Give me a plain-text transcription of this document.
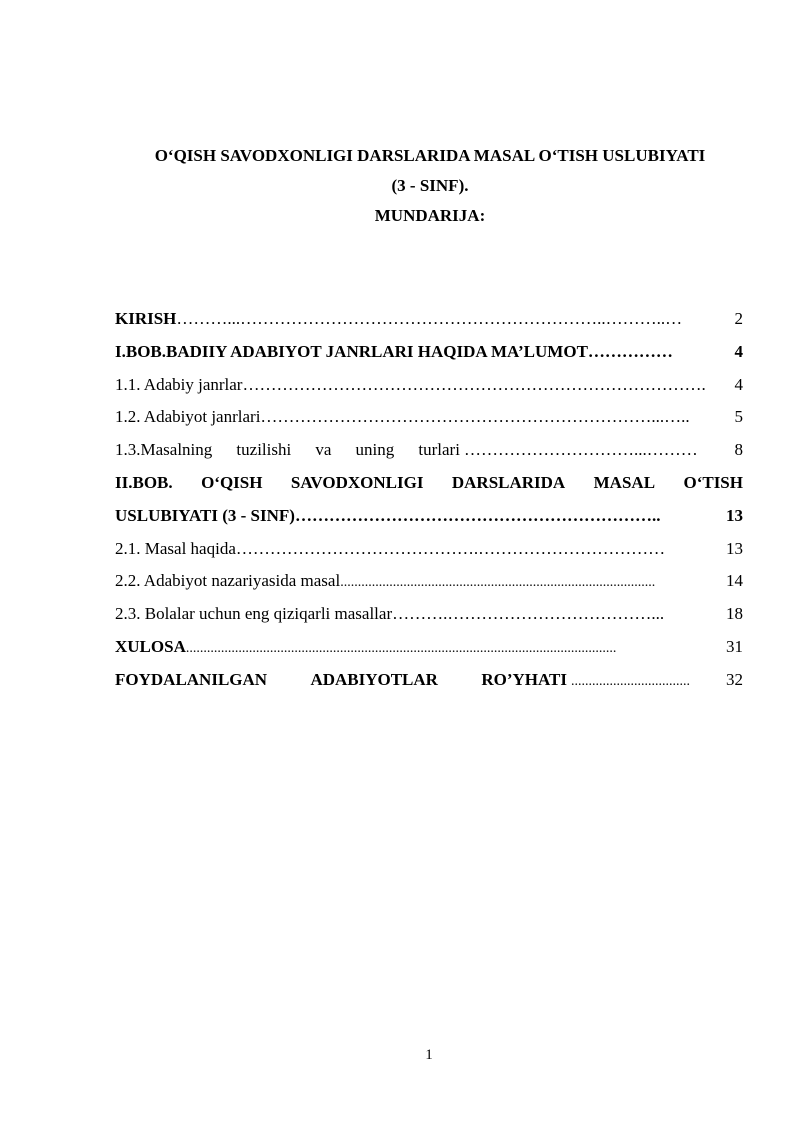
O‘QISH SAVODXONLIGI DARSLARIDA MASAL O‘TISH USLUBIYATI
(3 - SINF).
MUNDARIJA:
KIRISH ………...………………………………………………………..………..…	2
I.BOB.BADIIY ADABIYOT JANRLARI HAQIDA MA’LUMOT ……………	4
1.1. Adabiy janrlar ……………………………………………………………………….	4
1.2. Adabiyot janrlari ……………………………………………………………...…..	5
1.3.Masalning tuzilishi va uning turlari …………………………...………	8
II.BOB. O‘QISH SAVODXONLIGI DARSLARIDA MASAL O‘TISH
USLUBIYATI (3 - SINF) ………………………………………………………..	13
2.1. Masal haqida …………………………………….……………………………	13
2.2. Adabiyot nazariyasida masal ..........................................................................................	14
2.3. Bolalar uchun eng qiziqarli masallar ……….………………………………...	18
XULOSA ...........................................................................................................................	31
FOYDALANILGAN	ADABIYOTLAR	RO’YHATI ..................................	32
1
